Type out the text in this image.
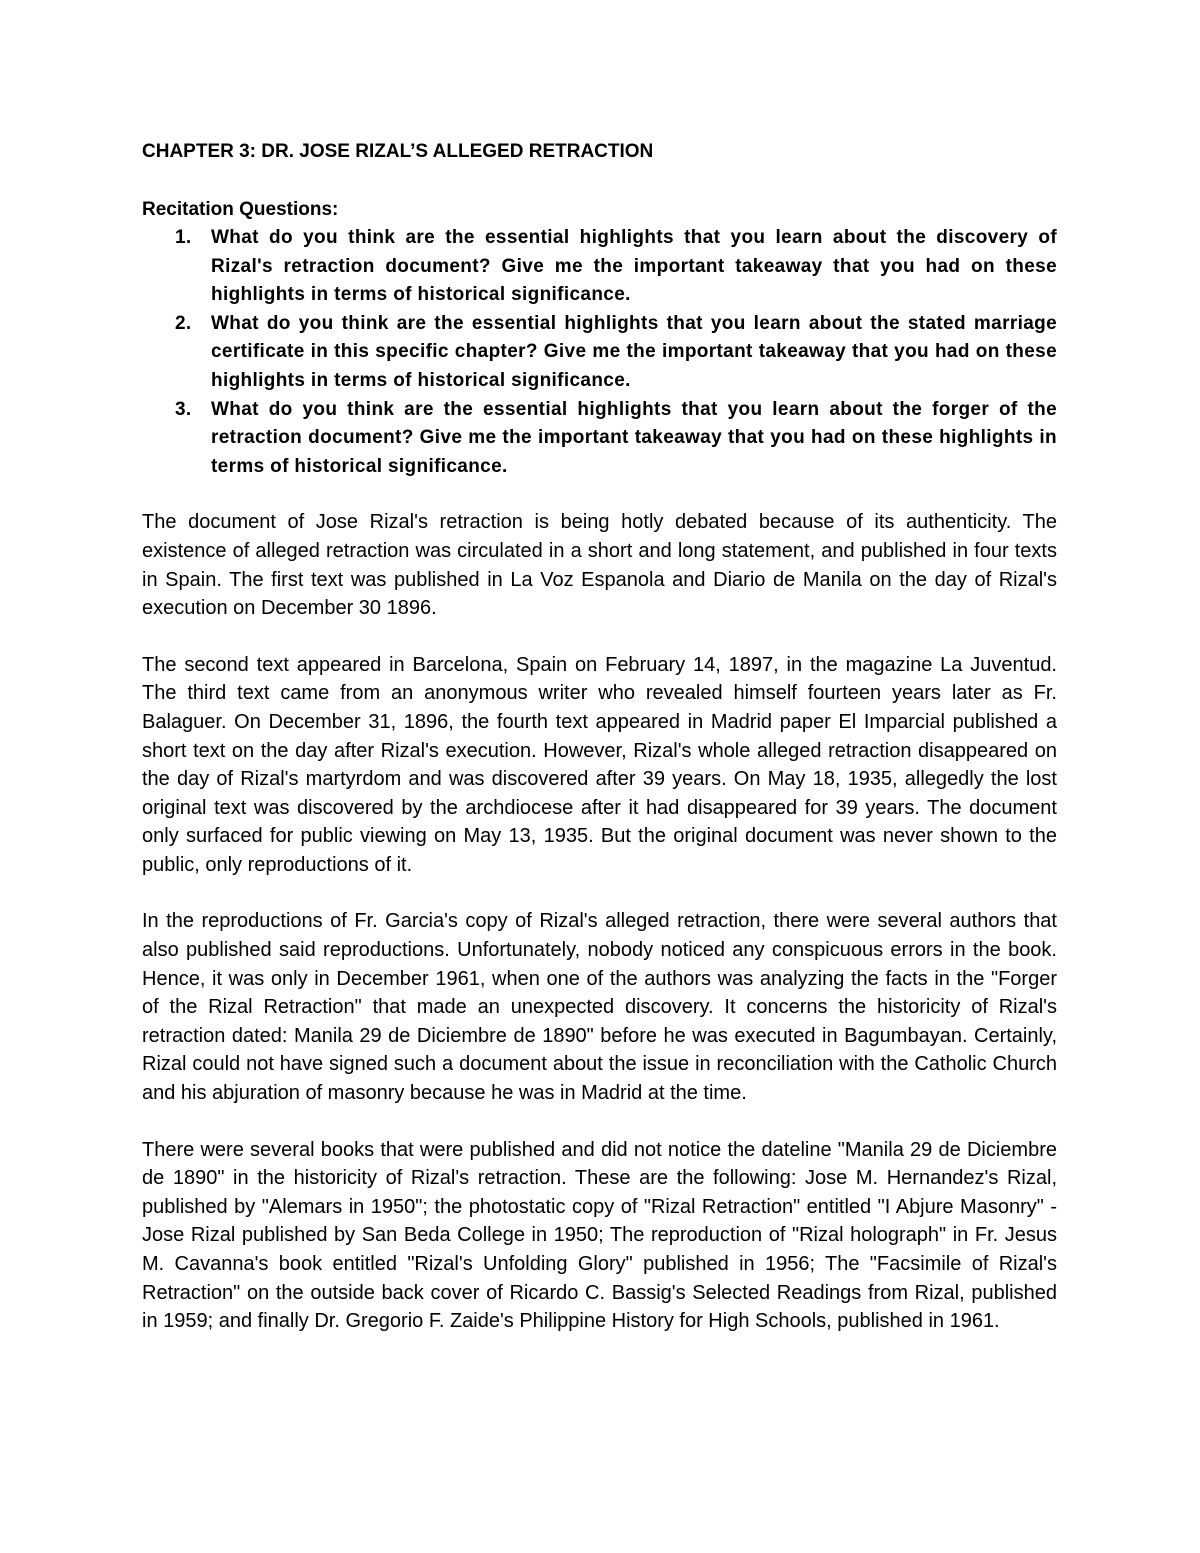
CHAPTER 3: DR. JOSE RIZAL’S ALLEGED RETRACTION
Recitation Questions:
1. What do you think are the essential highlights that you learn about the discovery of Rizal's retraction document? Give me the important takeaway that you had on these highlights in terms of historical significance.
2. What do you think are the essential highlights that you learn about the stated marriage certificate in this specific chapter? Give me the important takeaway that you had on these highlights in terms of historical significance.
3. What do you think are the essential highlights that you learn about the forger of the retraction document? Give me the important takeaway that you had on these highlights in terms of historical significance.

The document of Jose Rizal's retraction is being hotly debated because of its authenticity. The existence of alleged retraction was circulated in a short and long statement, and published in four texts in Spain. The first text was published in La Voz Espanola and Diario de Manila on the day of Rizal's execution on December 30 1896.

The second text appeared in Barcelona, Spain on February 14, 1897, in the magazine La Juventud. The third text came from an anonymous writer who revealed himself fourteen years later as Fr. Balaguer. On December 31, 1896, the fourth text appeared in Madrid paper El Imparcial published a short text on the day after Rizal's execution. However, Rizal's whole alleged retraction disappeared on the day of Rizal's martyrdom and was discovered after 39 years. On May 18, 1935, allegedly the lost original text was discovered by the archdiocese after it had disappeared for 39 years. The document only surfaced for public viewing on May 13, 1935. But the original document was never shown to the public, only reproductions of it.

In the reproductions of Fr. Garcia's copy of Rizal's alleged retraction, there were several authors that also published said reproductions. Unfortunately, nobody noticed any conspicuous errors in the book. Hence, it was only in December 1961, when one of the authors was analyzing the facts in the "Forger of the Rizal Retraction" that made an unexpected discovery. It concerns the historicity of Rizal's retraction dated: Manila 29 de Diciembre de 1890" before he was executed in Bagumbayan. Certainly, Rizal could not have signed such a document about the issue in reconciliation with the Catholic Church and his abjuration of masonry because he was in Madrid at the time.

There were several books that were published and did not notice the dateline "Manila 29 de Diciembre de 1890" in the historicity of Rizal's retraction. These are the following: Jose M. Hernandez's Rizal, published by "Alemars in 1950"; the photostatic copy of "Rizal Retraction" entitled "I Abjure Masonry" - Jose Rizal published by San Beda College in 1950; The reproduction of "Rizal holograph" in Fr. Jesus M. Cavanna's book entitled "Rizal's Unfolding Glory" published in 1956; The "Facsimile of Rizal's Retraction" on the outside back cover of Ricardo C. Bassig's Selected Readings from Rizal, published in 1959; and finally Dr. Gregorio F. Zaide's Philippine History for High Schools, published in 1961.
